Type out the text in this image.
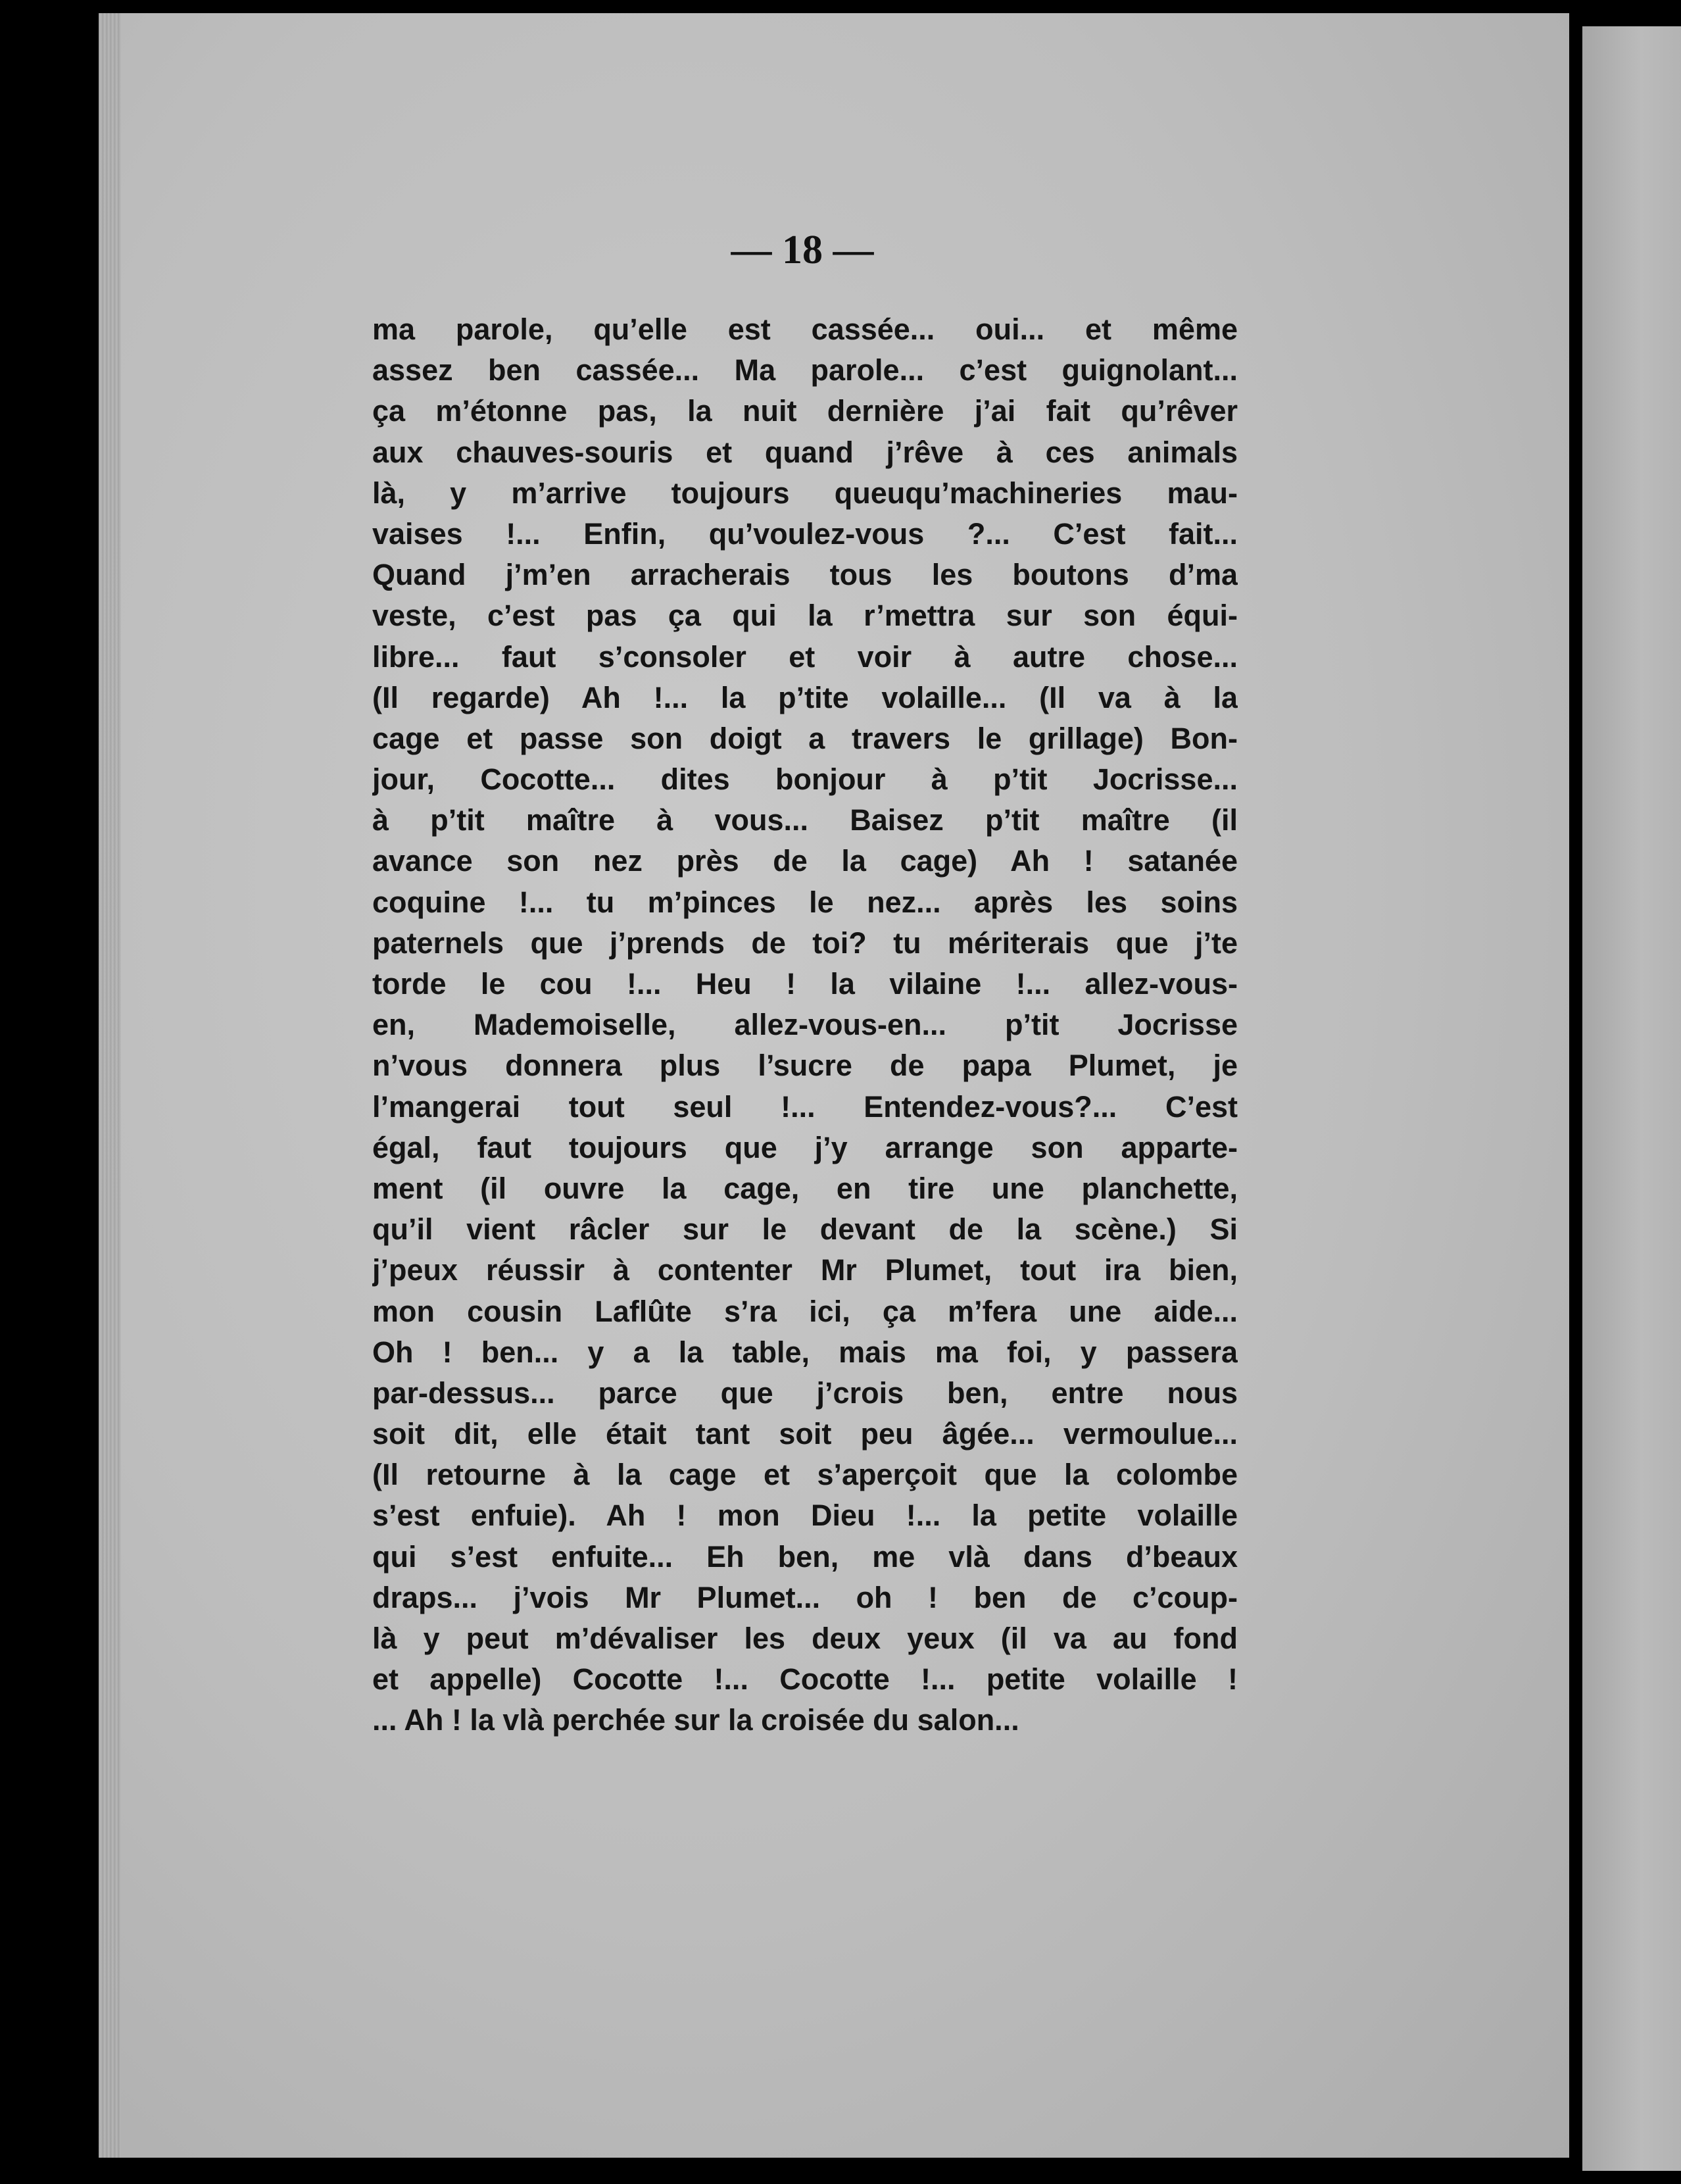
— 18 —
ma parole, qu’elle est cassée... oui... et même
assez ben cassée... Ma parole... c’est guignolant...
ça m’étonne pas, la nuit dernière j’ai fait qu’rêver
aux chauves-souris et quand j’rêve à ces animals
là, y m’arrive toujours queuqu’machineries mau-
vaises !... Enfin, qu’voulez-vous ?... C’est fait...
Quand j’m’en arracherais tous les boutons d’ma
veste, c’est pas ça qui la r’mettra sur son équi-
libre... faut s’consoler et voir à autre chose...
(Il regarde) Ah !... la p’tite volaille... (Il va à la
cage et passe son doigt a travers le grillage) Bon-
jour, Cocotte... dites bonjour à p’tit Jocrisse...
à p’tit maître à vous... Baisez p’tit maître (il
avance son nez près de la cage) Ah ! satanée
coquine !... tu m’pinces le nez... après les soins
paternels que j’prends de toi? tu mériterais que j’te
torde le cou !... Heu ! la vilaine !... allez-vous-
en, Mademoiselle, allez-vous-en... p’tit Jocrisse
n’vous donnera plus l’sucre de papa Plumet, je
l’mangerai tout seul !... Entendez-vous?... C’est
égal, faut toujours que j’y arrange son apparte-
ment (il ouvre la cage, en tire une planchette,
qu’il vient râcler sur le devant de la scène.) Si
j’peux réussir à contenter Mr Plumet, tout ira bien,
mon cousin Laflûte s’ra ici, ça m’fera une aide...
Oh ! ben... y a la table, mais ma foi, y passera
par-dessus... parce que j’crois ben, entre nous
soit dit, elle était tant soit peu âgée... vermoulue...
(Il retourne à la cage et s’aperçoit que la colombe
s’est enfuie). Ah ! mon Dieu !... la petite volaille
qui s’est enfuite... Eh ben, me vlà dans d’beaux
draps... j’vois Mr Plumet... oh ! ben de c’coup-
là y peut m’dévaliser les deux yeux (il va au fond
et appelle) Cocotte !... Cocotte !... petite volaille !
... Ah ! la vlà perchée sur la croisée du salon...
